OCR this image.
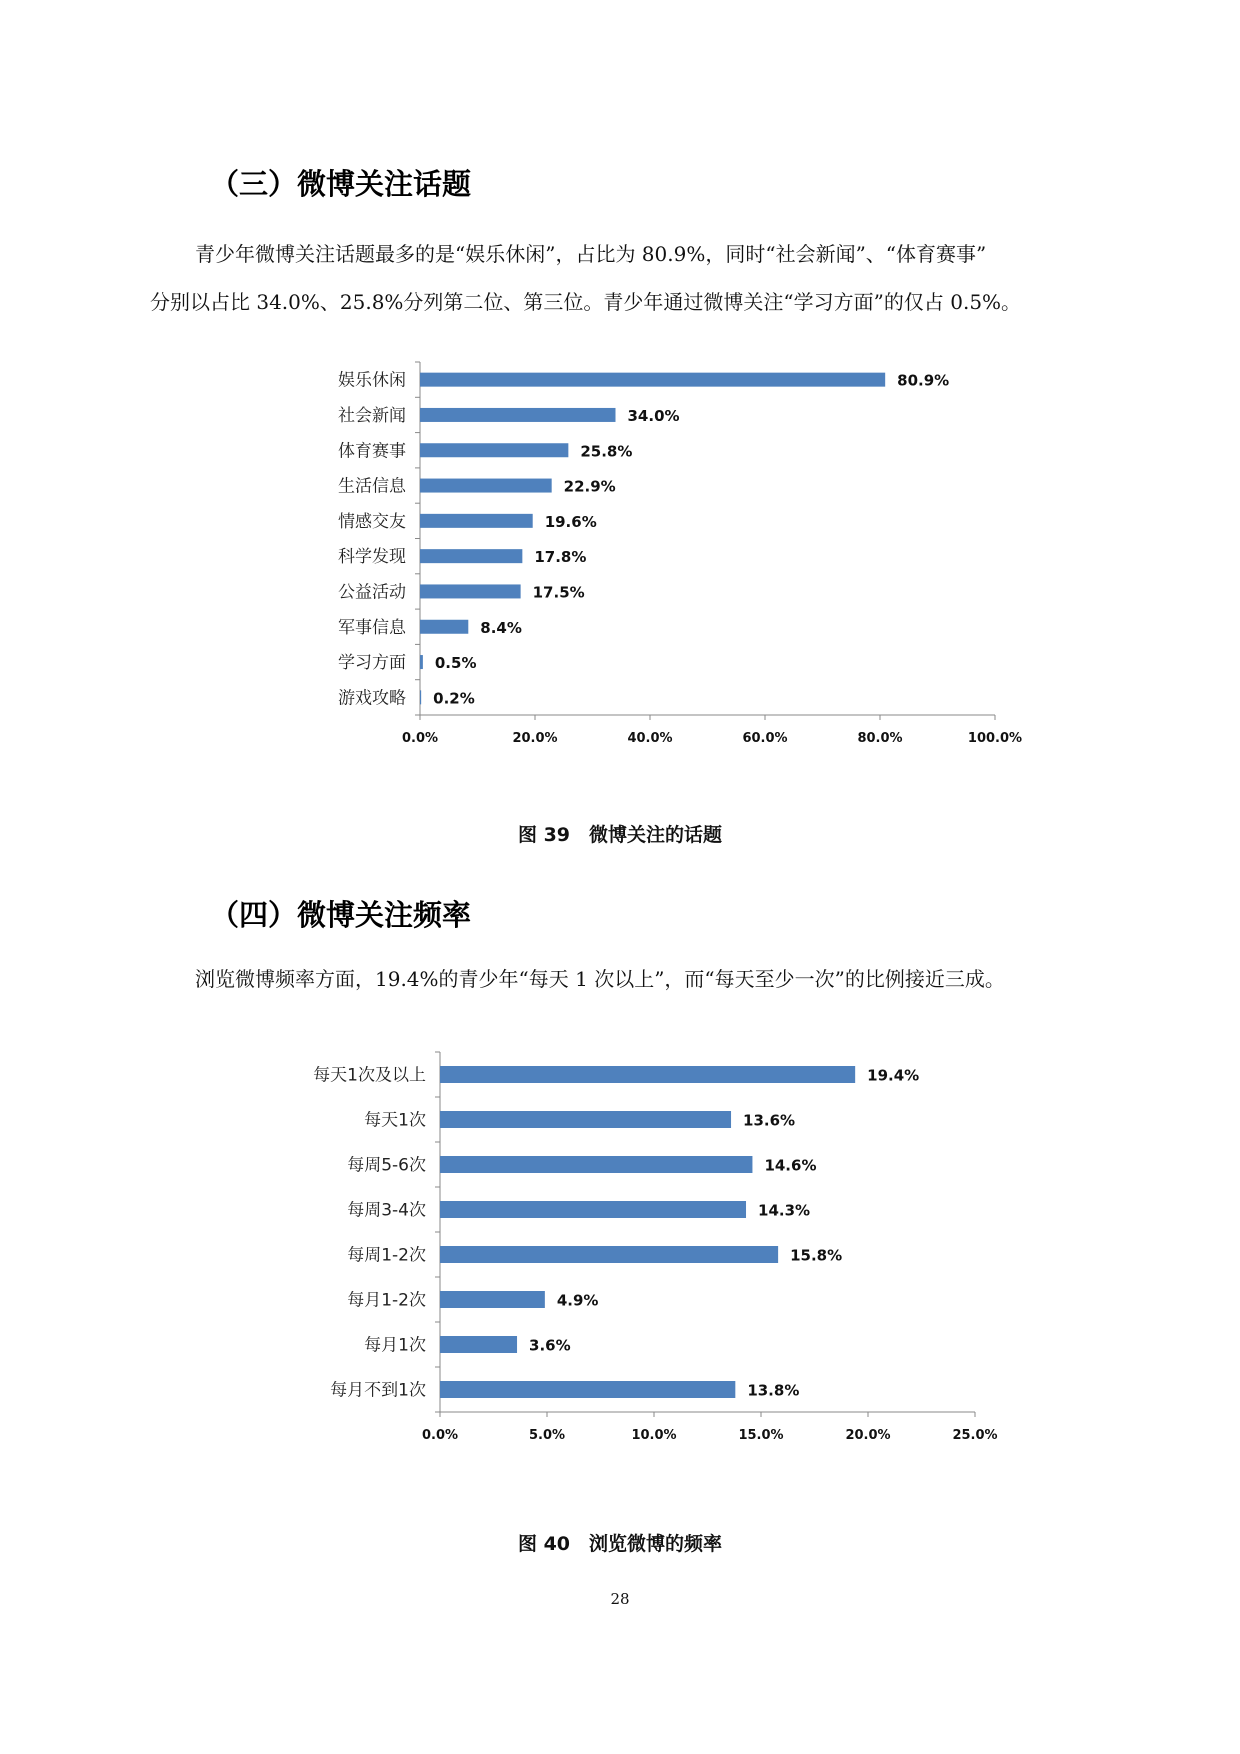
（三）微博关注话题
青少年微博关注话题最多的是“娱乐休闲”，占比为 80.9%，同时“社会新闻”、“体育赛事”
分别以占比 34.0%、25.8%分列第二位、第三位。青少年通过微博关注“学习方面”的仅占 0.5%。
娱乐休闲	80.9%
社会新闻	34.0%
体育赛事	25.8%
生活信息	22.9%
情感交友	19.6%
科学发现	17.8%
公益活动	17.5%
军事信息	8.4%
学习方面 0.5%
游戏攻略 0.2%
0.0%	20.0%	40.0%	60.0%	80.0%	100.0%
图 39　微博关注的话题
（四）微博关注频率
浏览微博频率方面，19.4%的青少年“每天 1 次以上”，而“每天至少一次”的比例接近三成。
每天1次及以上	19.4%
每天1次	13.6%
每周5-6次	14.6%
每周3-4次	14.3%
每周1-2次	15.8%
每月1-2次	4.9%
每月1次	3.6%
每月不到1次	13.8%
0.0%	5.0%	10.0%	15.0%	20.0%	25.0%
图 40　浏览微博的频率
28
